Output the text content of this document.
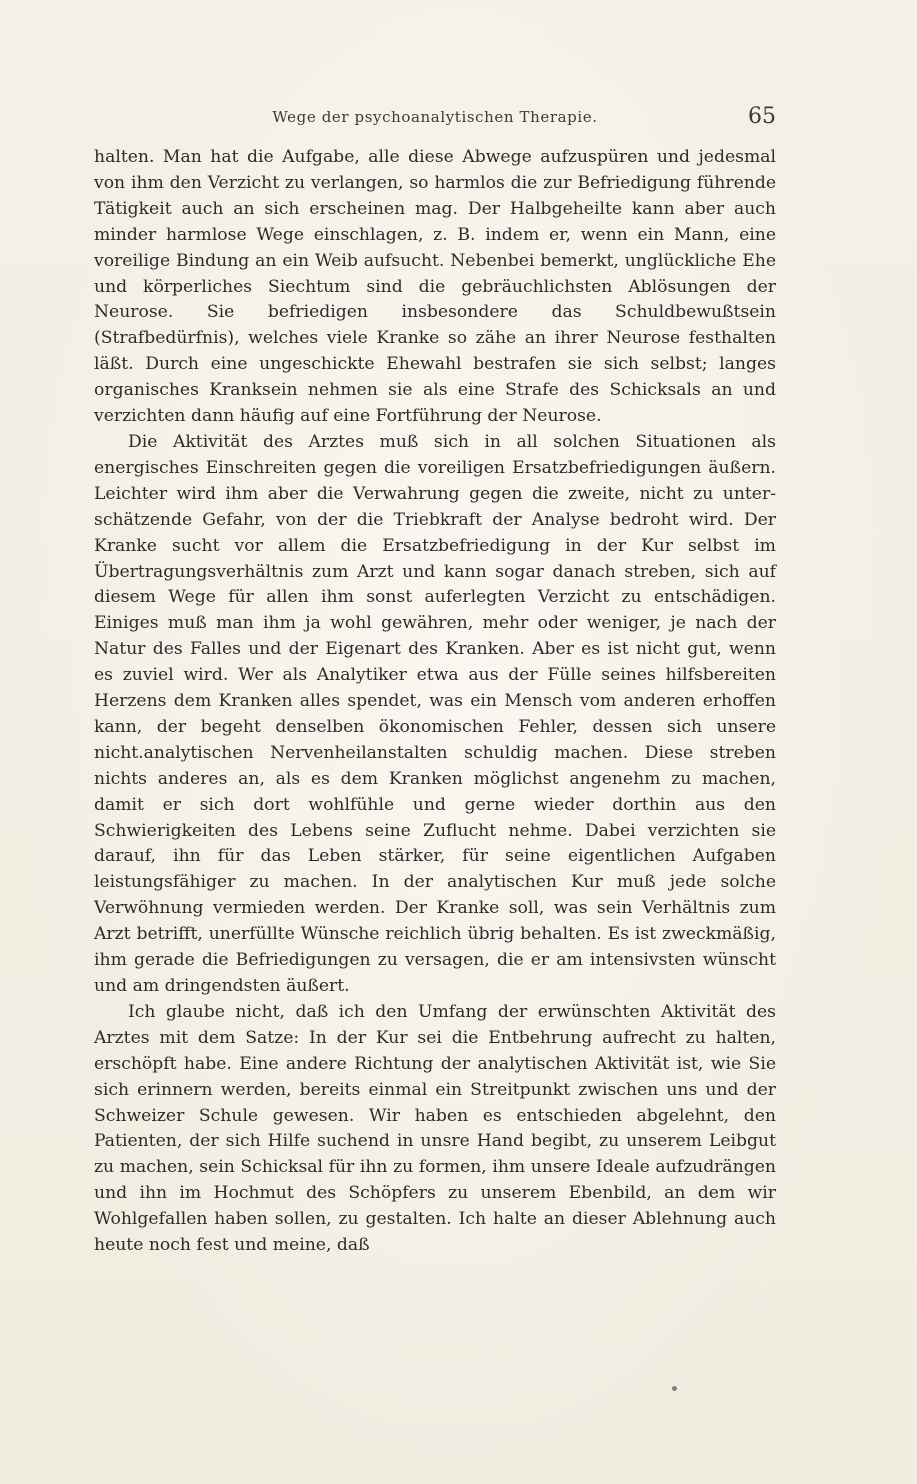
Wege der psychoanalytischen Therapie.	65

halten. Man hat die Aufgabe, alle diese Abwege aufzuspüren und jedesmal von ihm den Verzicht zu verlangen, so harmlos die zur Befriedigung führende Tätigkeit auch an sich erscheinen mag. Der Halbgeheilte kann aber auch minder harmlose Wege einschlagen, z. B. indem er, wenn ein Mann, eine voreilige Bindung an ein Weib aufsucht. Nebenbei bemerkt, unglückliche Ehe und körperliches Siechtum sind die gebräuchlichsten Ablösungen der Neurose. Sie befriedigen insbesondere das Schuldbewußtsein (Strafbedürfnis), welches viele Kranke so zähe an ihrer Neurose festhalten läßt. Durch eine ungeschickte Ehewahl bestrafen sie sich selbst; langes organisches Kranksein nehmen sie als eine Strafe des Schicksals an und verzichten dann häufig auf eine Fortführung der Neurose.

Die Aktivität des Arztes muß sich in all solchen Situationen als energisches Einschreiten gegen die voreiligen Ersatzbefriedigungen äußern. Leichter wird ihm aber die Verwahrung gegen die zweite, nicht zu unterschätzende Gefahr, von der die Triebkraft der Analyse bedroht wird. Der Kranke sucht vor allem die Ersatzbefriedigung in der Kur selbst im Übertragungsverhältnis zum Arzt und kann sogar danach streben, sich auf diesem Wege für allen ihm sonst auferlegten Verzicht zu entschädigen. Einiges muß man ihm ja wohl gewähren, mehr oder weniger, je nach der Natur des Falles und der Eigenart des Kranken. Aber es ist nicht gut, wenn es zuviel wird. Wer als Analytiker etwa aus der Fülle seines hilfsbereiten Herzens dem Kranken alles spendet, was ein Mensch vom anderen erhoffen kann, der begeht denselben ökonomischen Fehler, dessen sich unsere nicht.analytischen Nervenheilanstalten schuldig machen. Diese streben nichts anderes an, als es dem Kranken möglichst angenehm zu machen, damit er sich dort wohlfühle und gerne wieder dorthin aus den Schwierigkeiten des Lebens seine Zuflucht nehme. Dabei verzichten sie darauf, ihn für das Leben stärker, für seine eigentlichen Aufgaben leistungsfähiger zu machen. In der analytischen Kur muß jede solche Verwöhnung vermieden werden. Der Kranke soll, was sein Verhältnis zum Arzt betrifft, unerfüllte Wünsche reichlich übrig behalten. Es ist zweckmäßig, ihm gerade die Befriedigungen zu versagen, die er am intensivsten wünscht und am dringendsten äußert.

Ich glaube nicht, daß ich den Umfang der erwünschten Aktivität des Arztes mit dem Satze: In der Kur sei die Entbehrung aufrecht zu halten, erschöpft habe. Eine andere Richtung der analytischen Aktivität ist, wie Sie sich erinnern werden, bereits einmal ein Streitpunkt zwischen uns und der Schweizer Schule gewesen. Wir haben es entschieden abgelehnt, den Patienten, der sich Hilfe suchend in unsre Hand begibt, zu unserem Leibgut zu machen, sein Schicksal für ihn zu formen, ihm unsere Ideale aufzudrängen und ihn im Hochmut des Schöpfers zu unserem Ebenbild, an dem wir Wohlgefallen haben sollen, zu gestalten. Ich halte an dieser Ablehnung auch heute noch fest und meine, daß
